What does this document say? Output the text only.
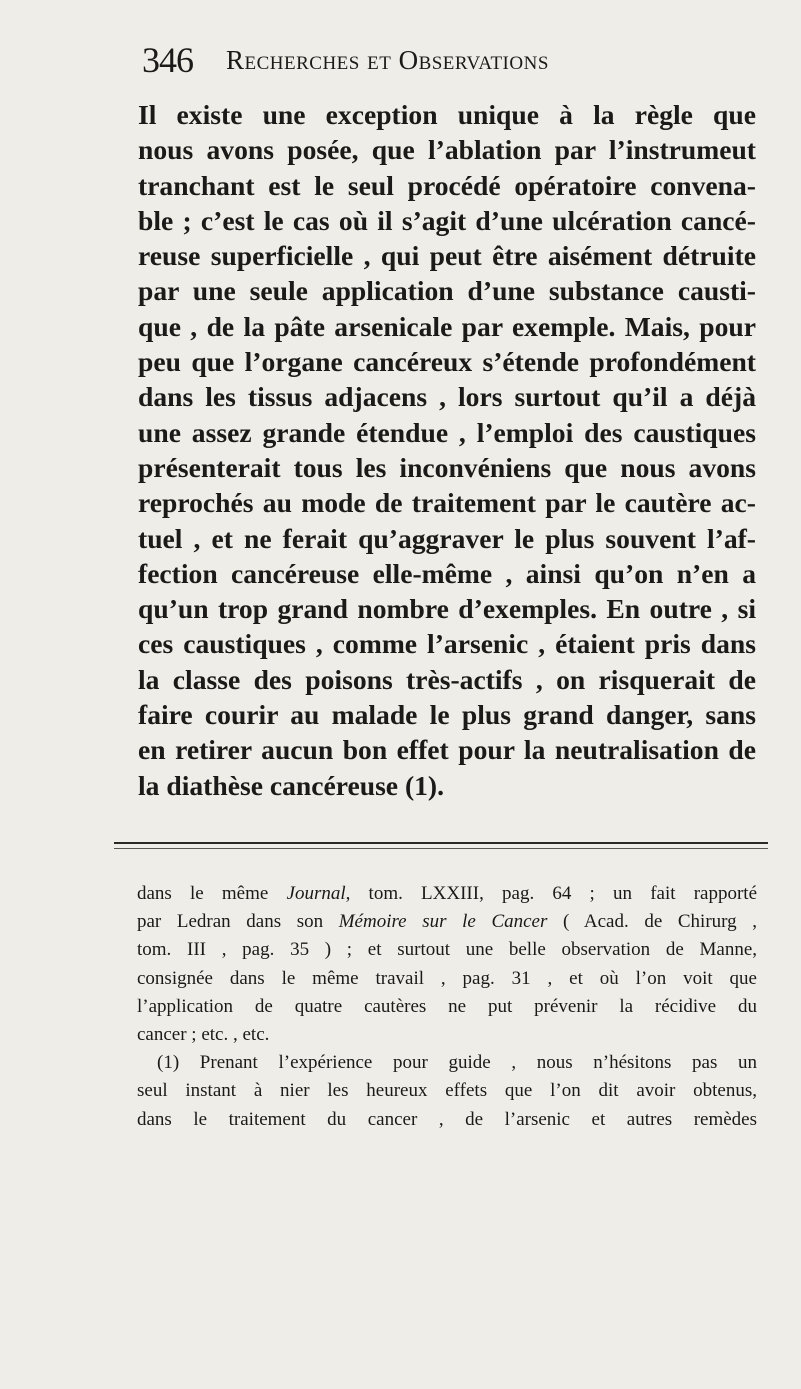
346 Recherches et Observations
Il existe une exception unique à la règle que
nous avons posée, que l’ablation par l’instrumeut
tranchant est le seul procédé opératoire convena-
ble ; c’est le cas où il s’agit d’une ulcération cancé-
reuse superficielle , qui peut être aisément détruite
par une seule application d’une substance causti-
que , de la pâte arsenicale par exemple. Mais, pour
peu que l’organe cancéreux s’étende profondément
dans les tissus adjacens , lors surtout qu’il a déjà
une assez grande étendue , l’emploi des caustiques
présenterait tous les inconvéniens que nous avons
reprochés au mode de traitement par le cautère ac-
tuel , et ne ferait qu’aggraver le plus souvent l’af-
fection cancéreuse elle-même , ainsi qu’on n’en a
qu’un trop grand nombre d’exemples. En outre , si
ces caustiques , comme l’arsenic , étaient pris dans
la classe des poisons très-actifs , on risquerait de
faire courir au malade le plus grand danger, sans
en retirer aucun bon effet pour la neutralisation de
la diathèse cancéreuse (1).
dans le même Journal, tom. LXXIII, pag. 64 ; un fait rapporté
par Ledran dans son Mémoire sur le Cancer ( Acad. de Chirurg ,
tom. III , pag. 35 ) ; et surtout une belle observation de Manne,
consignée dans le même travail , pag. 31 , et où l’on voit que
l’application de quatre cautères ne put prévenir la récidive du
cancer ; etc. , etc.
(1) Prenant l’expérience pour guide , nous n’hésitons pas un
seul instant à nier les heureux effets que l’on dit avoir obtenus,
dans le traitement du cancer , de l’arsenic et autres remèdes
